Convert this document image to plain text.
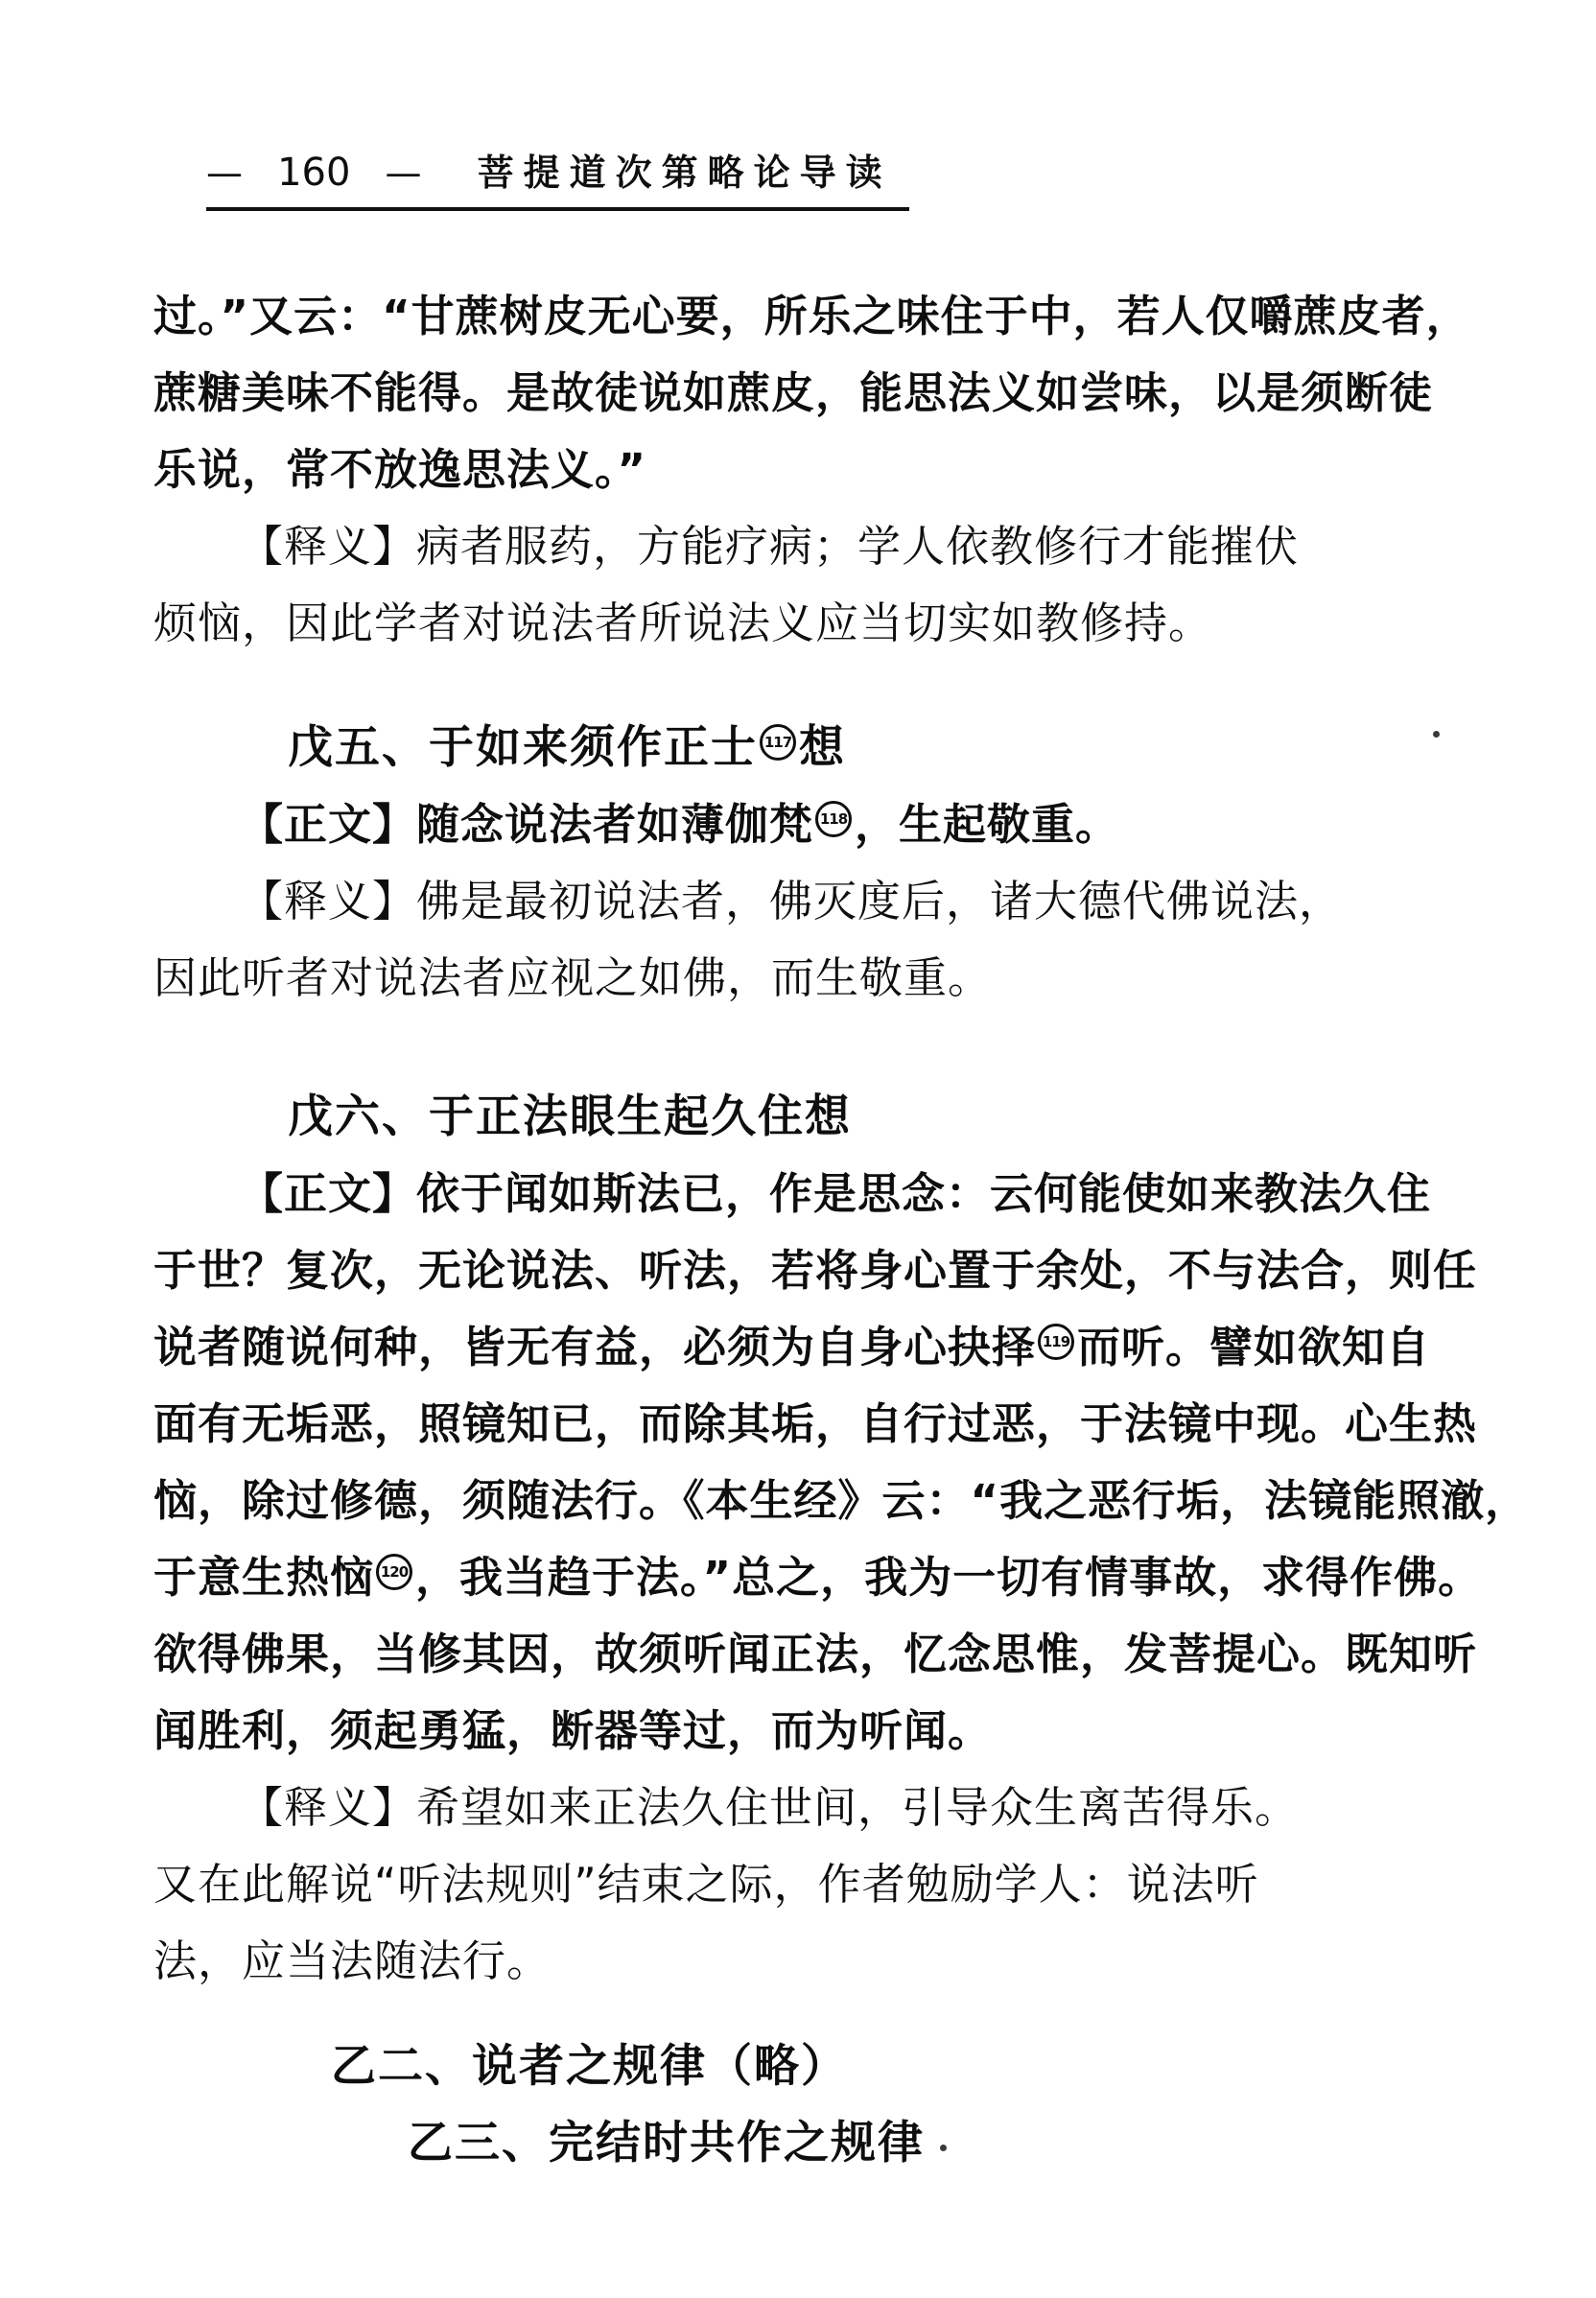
— 160 — 菩提道次第略论导读
过。”又云：“甘蔗树皮无心要，所乐之味住于中，若人仅嚼蔗皮者，
蔗糖美味不能得。是故徒说如蔗皮，能思法义如尝味，以是须断徒
乐说，常不放逸思法义。”
【释义】病者服药，方能疗病；学人依教修行才能摧伏
烦恼，因此学者对说法者所说法义应当切实如教修持。
戊五、于如来须作正士 117 想
【正文】随念说法者如薄伽梵 118 ，生起敬重。
【释义】佛是最初说法者，佛灭度后，诸大德代佛说法，
因此听者对说法者应视之如佛，而生敬重。
戊六、于正法眼生起久住想
【正文】依于闻如斯法已，作是思念：云何能使如来教法久住
于世？复次，无论说法、听法，若将身心置于余处，不与法合，则任
说者随说何种，皆无有益，必须为自身心抉择 119 而听。譬如欲知自
面有无垢恶，照镜知已，而除其垢，自行过恶，于法镜中现。心生热
恼，除过修德，须随法行。《本生经》云：“我之恶行垢，法镜能照澈，
于意生热恼 120 ，我当趋于法。”总之，我为一切有情事故，求得作佛。
欲得佛果，当修其因，故须听闻正法，忆念思惟，发菩提心。既知听
闻胜利，须起勇猛，断器等过，而为听闻。
【释义】希望如来正法久住世间，引导众生离苦得乐。
又在此解说“听法规则”结束之际，作者勉励学人：说法听
法，应当法随法行。
乙二、说者之规律（略）
乙三、完结时共作之规律
